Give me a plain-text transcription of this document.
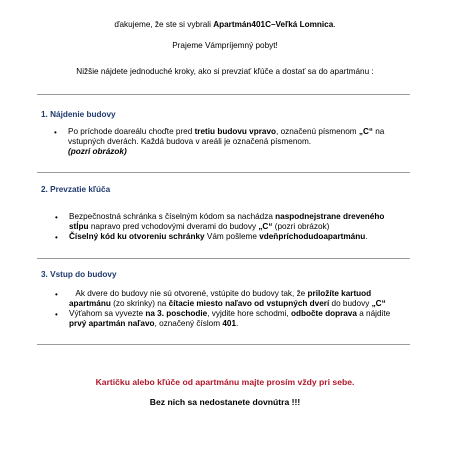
ďakujeme, že ste si vybrali Apartmán401C–Veľká Lomnica.
Prajeme Vámpríjemný pobyt!
Nižšie nájdete jednoduché kroky, ako si prevziať kľúče a dostať sa do apartmánu :
1. Nájdenie budovy
• Po príchode doareálu choďte pred tretiu budovu vpravo, označenú písmenom „C“ na
vstupných dverách. Každá budova v areáli je označená písmenom.
(pozri obrázok)
2. Prevzatie kľúča
• Bezpečnostná schránka s číselným kódom sa nachádza naspodnejstrane dreveného
stĺpu napravo pred vchodovými dverami do budovy „C“ (pozri obrázok)
• Číselný kód ku otvoreniu schránky Vám pošleme vdeňpríchodudoapartmánu.
3. Vstup do budovy
• Ak dvere do budovy nie sú otvorené, vstúpite do budovy tak, že priložíte kartuod
apartmánu (zo skrinky) na čítacie miesto naľavo od vstupných dverí do budovy „C“
• Výťahom sa vyvezte na 3. poschodie, vyjdite hore schodmi, odbočte doprava a nájdite
prvý apartmán naľavo, označený číslom 401.
Kartičku alebo kľúče od apartmánu majte prosím vždy pri sebe.
Bez nich sa nedostanete dovnútra !!!
